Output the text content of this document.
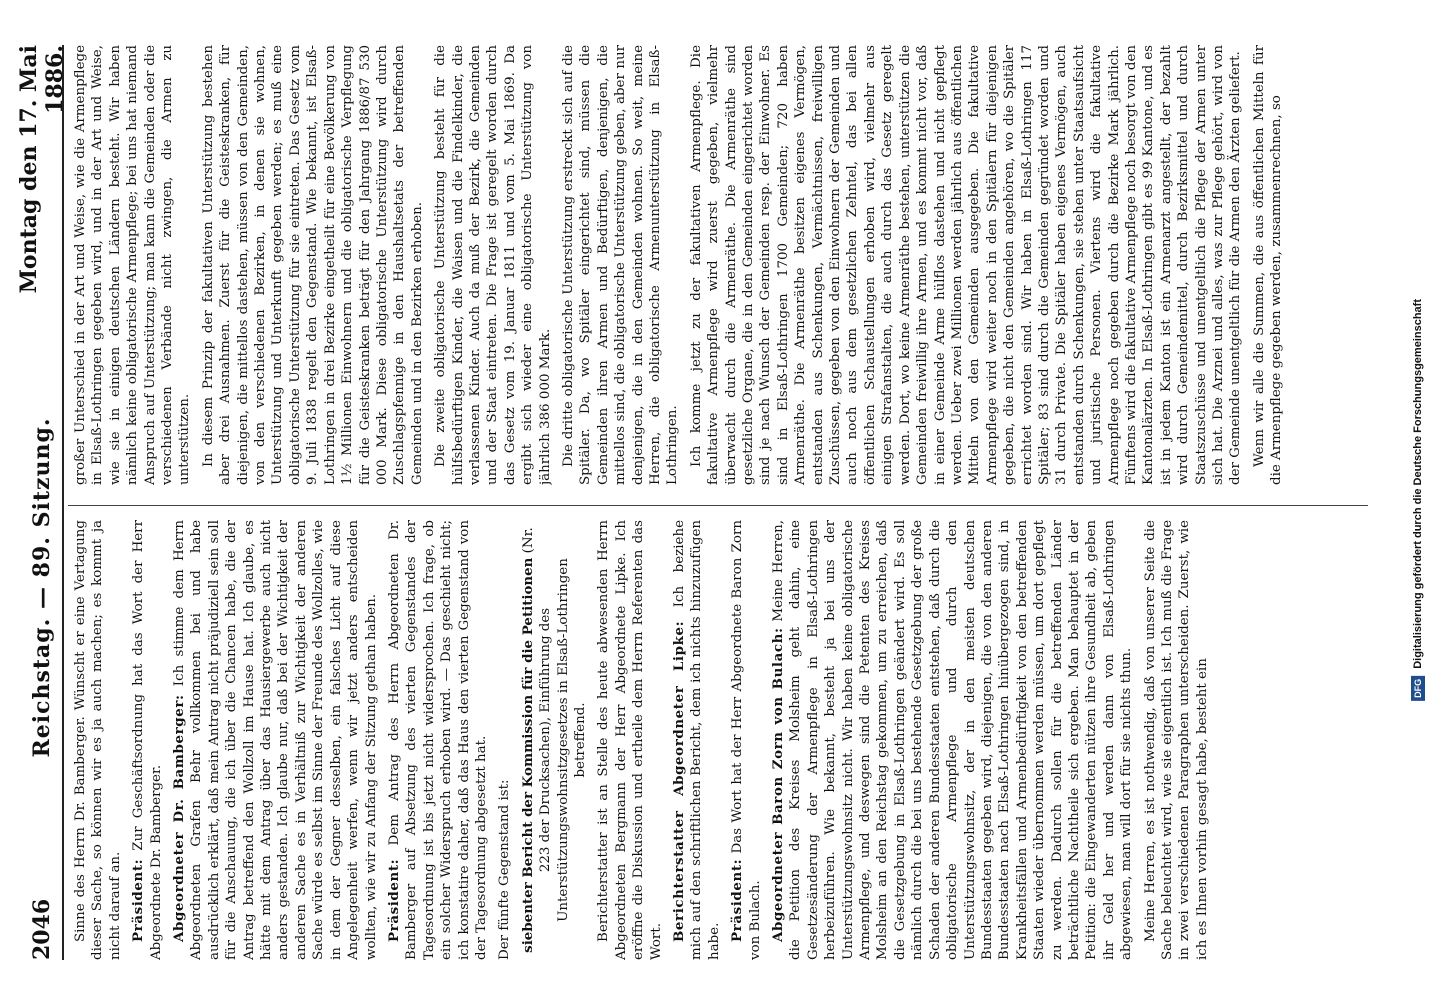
2046
Reichstag. — 89. Sitzung.
Montag den 17. Mai 1886.

Sinne des Herrn Dr. Bamberger. Wünscht er eine Vertagung dieser Sache, so können wir es ja auch machen; es kommt ja nicht darauf an. Präsident: Zur Geschäftsordnung hat das Wort der Herr Abgeordnete Dr. Bamberger. Abgeordneter Dr. Bamberger: Ich stimme dem Herrn Abgeordneten Grafen Behr vollkommen bei und habe ausdrücklich erklärt, daß mein Antrag nicht präjudiziell sein soll für die Anschauung, die ich über die Chancen habe, die der Antrag betreffend den Wollzoll im Hause hat. Ich glaube, es hätte mit dem Antrag über das Hausiergewerbe auch nicht anders gestanden. Ich glaube nur, daß bei der Wichtigkeit der anderen Sache es in Verhältniß zur Wichtigkeit der anderen Sache würde es selbst im Sinne der Freunde des Wollzolles, wie in dem der Gegner desselben, ein falsches Licht auf diese Angelegenheit werfen, wenn wir jetzt anders entscheiden wollten, wie wir zu Anfang der Sitzung gethan haben. Präsident: Dem Antrag des Herrn Abgeordneten Dr. Bamberger auf Absetzung des vierten Gegenstandes der Tagesordnung ist bis jetzt nicht widersprochen. Ich frage, ob ein solcher Widerspruch erhoben wird. — Das geschieht nicht; ich konstatire daher, daß das Haus den vierten Gegenstand von der Tagesordnung abgesetzt hat. Der fünfte Gegenstand ist: siebenter Bericht der Kommission für die Petitionen (Nr. 223 der Drucksachen), Einführung des Unterstützungswohnsitzgesetzes in Elsaß-Lothringen betreffend. Berichterstatter ist an Stelle des heute abwesenden Herrn Abgeordneten Bergmann der Herr Abgeordnete Lipke. Ich eröffne die Diskussion und ertheile dem Herrn Referenten das Wort. Berichterstatter Abgeordneter Lipke: Ich beziehe mich auf den schriftlichen Bericht, dem ich nichts hinzuzufügen habe. Präsident: Das Wort hat der Herr Abgeordnete Baron Zorn von Bulach. Abgeordneter Baron Zorn von Bulach: Meine Herren, die Petition des Kreises Molsheim geht dahin, eine Gesetzesänderung der Armenpflege in Elsaß-Lothringen herbeizuführen. Wie bekannt, besteht ja bei uns der Unterstützungswohnsitz nicht. Wir haben keine obligatorische Armenpflege, und deswegen sind die Petenten des Kreises Molsheim an den Reichstag gekommen, um zu erreichen, daß die Gesetzgebung in Elsaß-Lothringen geändert wird. Es soll nämlich durch die bei uns bestehende Gesetzgebung der große Schaden der anderen Bundesstaaten entstehen, daß durch die obligatorische Armenpflege und durch den Unterstützungswohnsitz, der in den meisten deutschen Bundesstaaten gegeben wird, diejenigen, die von den anderen Bundesstaaten nach Elsaß-Lothringen hinübergezogen sind, in Krankheitsfällen und Armenbedürftigkeit von den betreffenden Staaten wieder übernommen werden müssen, um dort gepflegt zu werden. Dadurch sollen für die betreffenden Länder beträchtliche Nachtheile sich ergeben. Man behauptet in der Petition: die Eingewanderten nützen ihre Gesundheit ab, geben ihr Geld her und werden dann von Elsaß-Lothringen abgewiesen, man will dort für sie nichts thun. Meine Herren, es ist nothwendig, daß von unserer Seite die Sache beleuchtet wird, wie sie eigentlich ist. Ich muß die Frage in zwei verschiedenen Paragraphen unterscheiden. Zuerst, wie ich es Ihnen vorhin gesagt habe, besteht ein

großer Unterschied in der Art und Weise, wie die Armenpflege in Elsaß-Lothringen gegeben wird, und in der Art und Weise, wie sie in einigen deutschen Ländern besteht. Wir haben nämlich keine obligatorische Armenpflege; bei uns hat niemand Anspruch auf Unterstützung; man kann die Gemeinden oder die verschiedenen Verbände nicht zwingen, die Armen zu unterstützen. In diesem Prinzip der fakultativen Unterstützung bestehen aber drei Ausnahmen. Zuerst für die Geisteskranken, für diejenigen, die mittellos dastehen, müssen von den Gemeinden, von den verschiedenen Bezirken, in denen sie wohnen, Unterstützung und Unterkunft gegeben werden; es muß eine obligatorische Unterstützung für sie eintreten. Das Gesetz vom 9. Juli 1838 regelt den Gegenstand. Wie bekannt, ist Elsaß-Lothringen in drei Bezirke eingetheilt für eine Bevölkerung von 1½ Millionen Einwohnern und die obligatorische Verpflegung für die Geisteskranken beträgt für den Jahrgang 1886/87 530 000 Mark. Diese obligatorische Unterstützung wird durch Zuschlagspfennige in den Haushaltsetats der betreffenden Gemeinden und in den Bezirken erhoben. Die zweite obligatorische Unterstützung besteht für die hülfsbedürftigen Kinder, die Waisen und die Findelkinder, die verlassenen Kinder. Auch da muß der Bezirk, die Gemeinden und der Staat eintreten. Die Frage ist geregelt worden durch das Gesetz vom 19. Januar 1811 und vom 5. Mai 1869. Da ergibt sich wieder eine obligatorische Unterstützung von jährlich 386 000 Mark. Die dritte obligatorische Unterstützung erstreckt sich auf die Spitäler. Da, wo Spitäler eingerichtet sind, müssen die Gemeinden ihren Armen und Bedürftigen, denjenigen, die mittellos sind, die obligatorische Unterstützung geben, aber nur denjenigen, die in den Gemeinden wohnen. So weit, meine Herren, die obligatorische Armenunterstützung in Elsaß-Lothringen. Ich komme jetzt zu der fakultativen Armenpflege. Die fakultative Armenpflege wird zuerst gegeben, vielmehr überwacht durch die Armenräthe. Die Armenräthe sind gesetzliche Organe, die in den Gemeinden eingerichtet worden sind je nach Wunsch der Gemeinden resp. der Einwohner. Es sind in Elsaß-Lothringen 1700 Gemeinden; 720 haben Armenräthe. Die Armenräthe besitzen eigenes Vermögen, entstanden aus Schenkungen, Vermächtnissen, freiwilligen Zuschüssen, gegeben von den Einwohnern der Gemeinden und auch noch aus dem gesetzlichen Zehntel, das bei allen öffentlichen Schaustellungen erhoben wird, vielmehr aus einigen Strafanstalten, die auch durch das Gesetz geregelt werden. Dort, wo keine Armenräthe bestehen, unterstützen die Gemeinden freiwillig ihre Armen, und es kommt nicht vor, daß in einer Gemeinde Arme hülflos dastehen und nicht gepflegt werden. Ueber zwei Millionen werden jährlich aus öffentlichen Mitteln von den Gemeinden ausgegeben. Die fakultative Armenpflege wird weiter noch in den Spitälern für diejenigen gegeben, die nicht den Gemeinden angehören, wo die Spitäler errichtet worden sind. Wir haben in Elsaß-Lothringen 117 Spitäler; 83 sind durch die Gemeinden gegründet worden und 31 durch Private. Die Spitäler haben eigenes Vermögen, auch entstanden durch Schenkungen, sie stehen unter Staatsaufsicht und juristische Personen. Viertens wird die fakultative Armenpflege noch gegeben durch die Bezirke Mark jährlich. Fünftens wird die fakultative Armenpflege noch besorgt von den Kantonalärzten. In Elsaß-Lothringen gibt es 99 Kantone, und es ist in jedem Kanton ist ein Armenarzt angestellt, der bezahlt wird durch Gemeindemittel, durch Bezirksmittel und durch Staatszuschüsse und unentgeltlich die Pflege der Armen unter sich hat. Die Arznei und alles, was zur Pflege gehört, wird von der Gemeinde unentgeltlich für die Armen den Ärzten geliefert. Wenn wir alle die Summen, die aus öffentlichen Mitteln für die Armenpflege gegeben werden, zusammenrechnen, so

DFG Digitalisierung gefördert durch die Deutsche Forschungsgemeinschaft
